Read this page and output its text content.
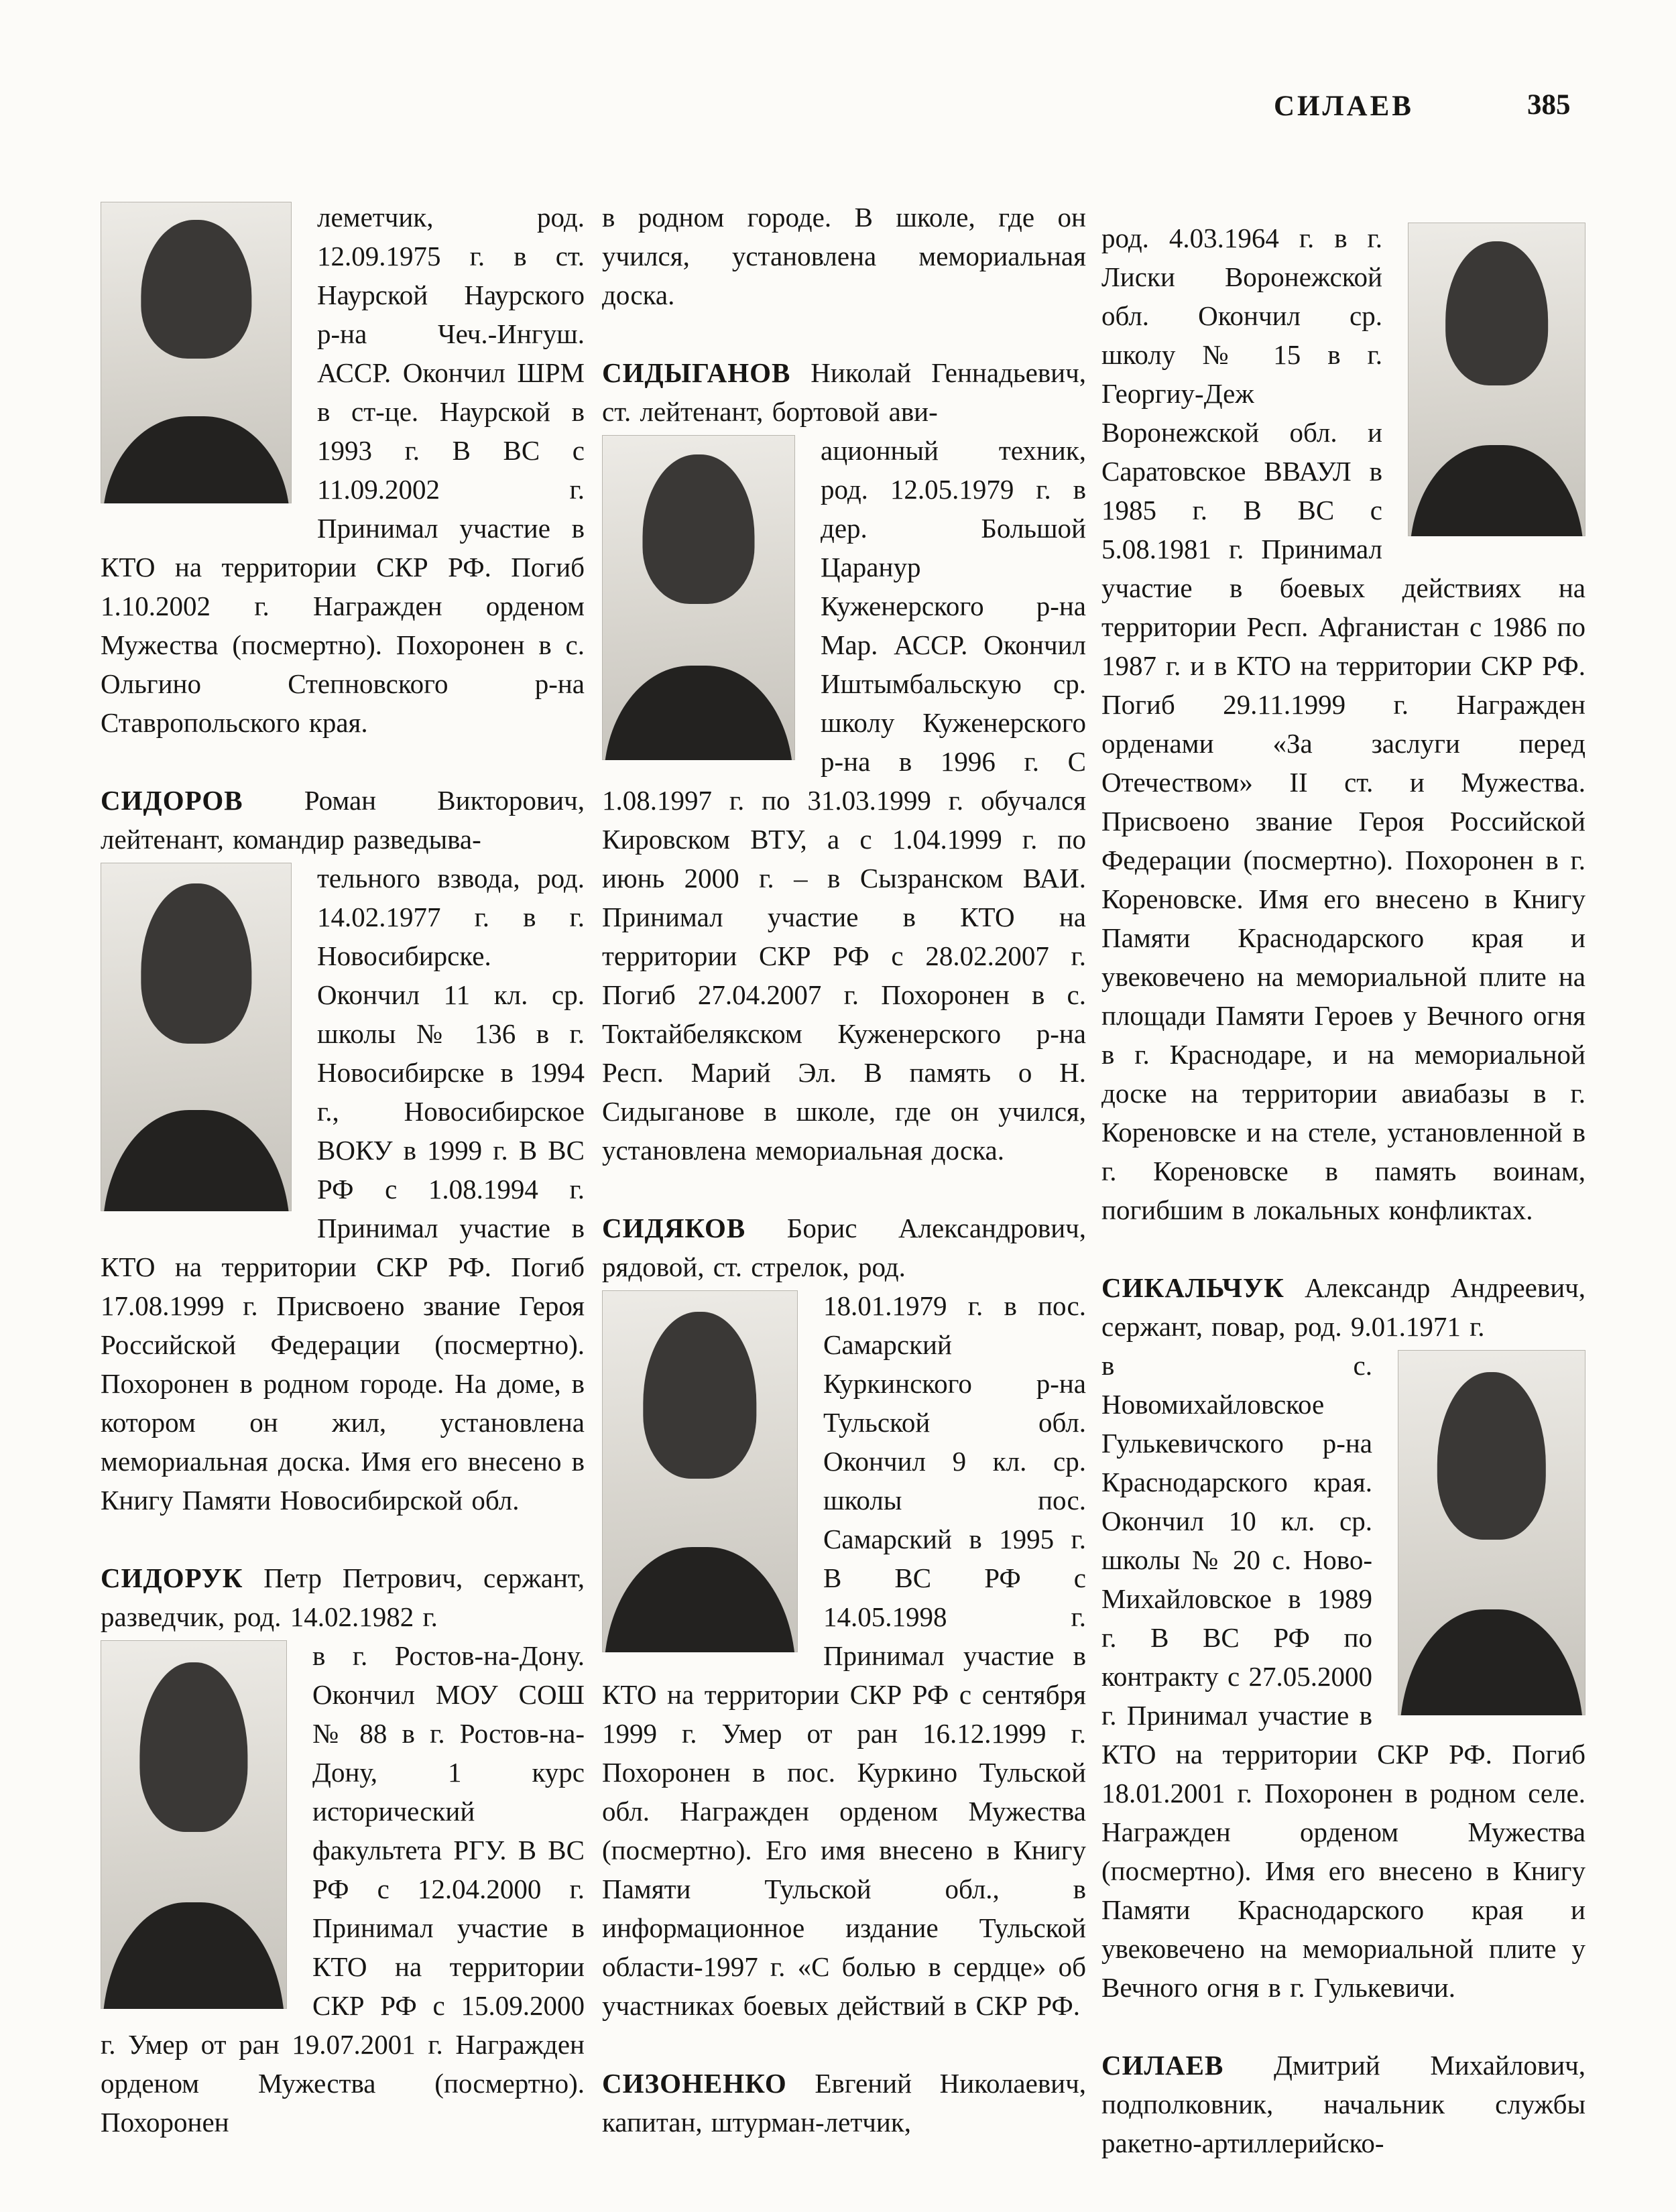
СИЛАЕВ	385
леметчик, род. 12.09.1975 г. в ст. Наурской Наурского р-на Чеч.-Ингуш. АССР. Окончил ШРМ в ст-це. Наурской в 1993 г. В ВС с 11.09.2002 г. Принимал участие в КТО на территории СКР РФ. Погиб 1.10.2002 г. Награжден орденом Мужества (посмертно). Похоронен в с. Ольгино Степновского р-на Ставропольского края.

СИДОРОВ Роман Викторович, лейтенант, командир разведыва-

тельного взвода, род. 14.02.1977 г. в г. Новосибирске. Окончил 11 кл. ср. школы № 136 в г. Новосибирске в 1994 г., Новосибирское ВОКУ в 1999 г. В ВС РФ с 1.08.1994 г. Принимал участие в КТО на территории СКР РФ. Погиб 17.08.1999 г. Присвоено звание Героя Российской Федерации (посмертно). Похоронен в родном городе. На доме, в котором он жил, установлена мемориальная доска. Имя его внесено в Книгу Памяти Новосибирской обл.

СИДОРУК Петр Петрович, сержант, разведчик, род. 14.02.1982 г.

в г. Ростов-на-Дону. Окончил МОУ СОШ № 88 в г. Ростов-на-Дону, 1 курс исторический факультета РГУ. В ВС РФ с 12.04.2000 г. Принимал участие в КТО на территории СКР РФ с 15.09.2000 г. Умер от ран 19.07.2001 г. Награжден орденом Мужества (посмертно). Похоронен
в родном городе. В школе, где он учился, установлена мемориальная доска.

СИДЫГАНОВ Николай Геннадьевич, ст. лейтенант, бортовой ави-

ационный техник, род. 12.05.1979 г. в дер. Большой Царанур Куженерского р-на Мар. АССР. Окончил Иштымбальскую ср. школу Куженерского р-на в 1996 г. С 1.08.1997 г. по 31.03.1999 г. обучался Кировском ВТУ, а с 1.04.1999 г. по июнь 2000 г. – в Сызранском ВАИ. Принимал участие в КТО на территории СКР РФ с 28.02.2007 г. Погиб 27.04.2007 г. Похоронен в с. Токтайбелякском Куженерского р-на Респ. Марий Эл. В память о Н. Сидыганове в школе, где он учился, установлена мемориальная доска.

СИДЯКОВ Борис Александрович, рядовой, ст. стрелок, род.

18.01.1979 г. в пос. Самарский Куркинского р-на Тульской обл. Окончил 9 кл. ср. школы пос. Самарский в 1995 г. В ВС РФ с 14.05.1998 г. Принимал участие в КТО на территории СКР РФ с сентября 1999 г. Умер от ран 16.12.1999 г. Похоронен в пос. Куркино Тульской обл. Награжден орденом Мужества (посмертно). Его имя внесено в Книгу Памяти Тульской обл., в информационное издание Тульской области-1997 г. «С болью в сердце» об участниках боевых действий в СКР РФ.

СИЗОНЕНКО Евгений Николаевич, капитан, штурман-летчик,

род. 4.03.1964 г. в г. Лиски Воронежской обл. Окончил ср. школу № 15 в г. Георгиу-Деж Воронежской обл. и Саратовское ВВАУЛ в 1985 г. В ВС с 5.08.1981 г. Принимал участие в боевых действиях на территории Респ. Афганистан с 1986 по 1987 г. и в КТО на территории СКР РФ. Погиб 29.11.1999 г. Награжден орденами «За заслуги перед Отечеством» II ст. и Мужества. Присвоено звание Героя Российской Федерации (посмертно). Похоронен в г. Кореновске. Имя его внесено в Книгу Памяти Краснодарского края и увековечено на мемориальной плите на площади Памяти Героев у Вечного огня в г. Краснодаре, и на мемориальной доске на территории авиабазы в г. Кореновске и на стеле, установленной в г. Кореновске в память воинам, погибшим в локальных конфликтах.

СИКАЛЬЧУК Александр Андреевич, сержант, повар, род. 9.01.1971 г.

в с. Новомихайловское Гулькевичского р-на Краснодарского края. Окончил 10 кл. ср. школы № 20 с. Ново-Михайловское в 1989 г. В ВС РФ по контракту с 27.05.2000 г. Принимал участие в КТО на территории СКР РФ. Погиб 18.01.2001 г. Похоронен в родном селе. Награжден орденом Мужества (посмертно). Имя его внесено в Книгу Памяти Краснодарского края и увековечено на мемориальной плите у Вечного огня в г. Гулькевичи.

СИЛАЕВ Дмитрий Михайлович, подполковник, начальник службы ракетно-артиллерийско-
